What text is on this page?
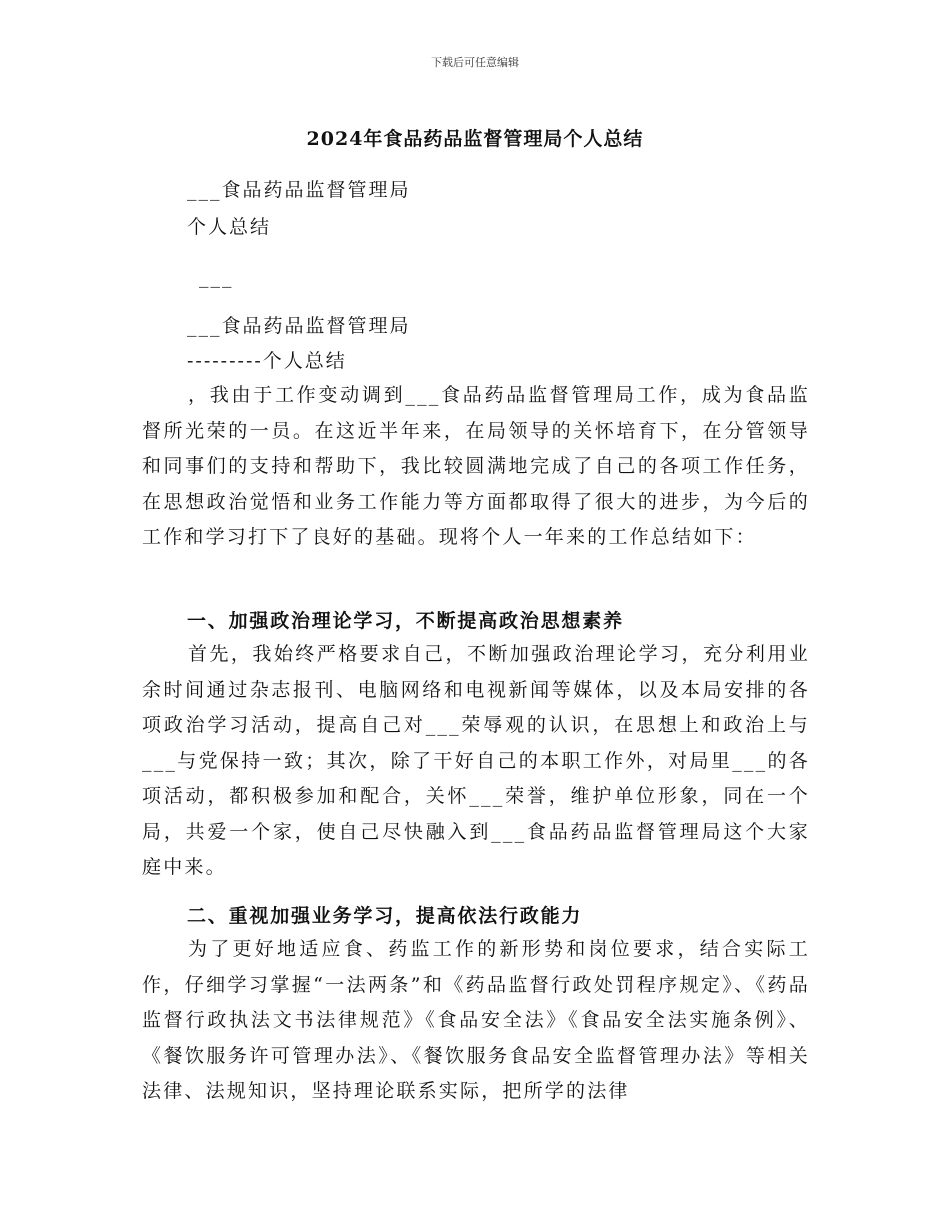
下载后可任意编辑
2024年食品药品监督管理局个人总结
___食品药品监督管理局
个人总结
___
___食品药品监督管理局
---------个人总结
，我由于工作变动调到___食品药品监督管理局工作，成为食品监督所光荣的一员。在这近半年来，在局领导的关怀培育下，在分管领导和同事们的支持和帮助下，我比较圆满地完成了自己的各项工作任务，在思想政治觉悟和业务工作能力等方面都取得了很大的进步，为今后的工作和学习打下了良好的基础。现将个人一年来的工作总结如下：
一、加强政治理论学习，不断提高政治思想素养
首先，我始终严格要求自己，不断加强政治理论学习，充分利用业余时间通过杂志报刊、电脑网络和电视新闻等媒体，以及本局安排的各项政治学习活动，提高自己对___荣辱观的认识，在思想上和政治上与___与党保持一致；其次，除了干好自己的本职工作外，对局里___的各项活动，都积极参加和配合，关怀___荣誉，维护单位形象，同在一个局，共爱一个家，使自己尽快融入到___食品药品监督管理局这个大家庭中来。
二、重视加强业务学习，提高依法行政能力
为了更好地适应食、药监工作的新形势和岗位要求，结合实际工作，仔细学习掌握“一法两条”和《药品监督行政处罚程序规定》、《药品监督行政执法文书法律规范》《食品安全法》《食品安全法实施条例》、《餐饮服务许可管理办法》、《餐饮服务食品安全监督管理办法》等相关法律、法规知识，坚持理论联系实际，把所学的法律
